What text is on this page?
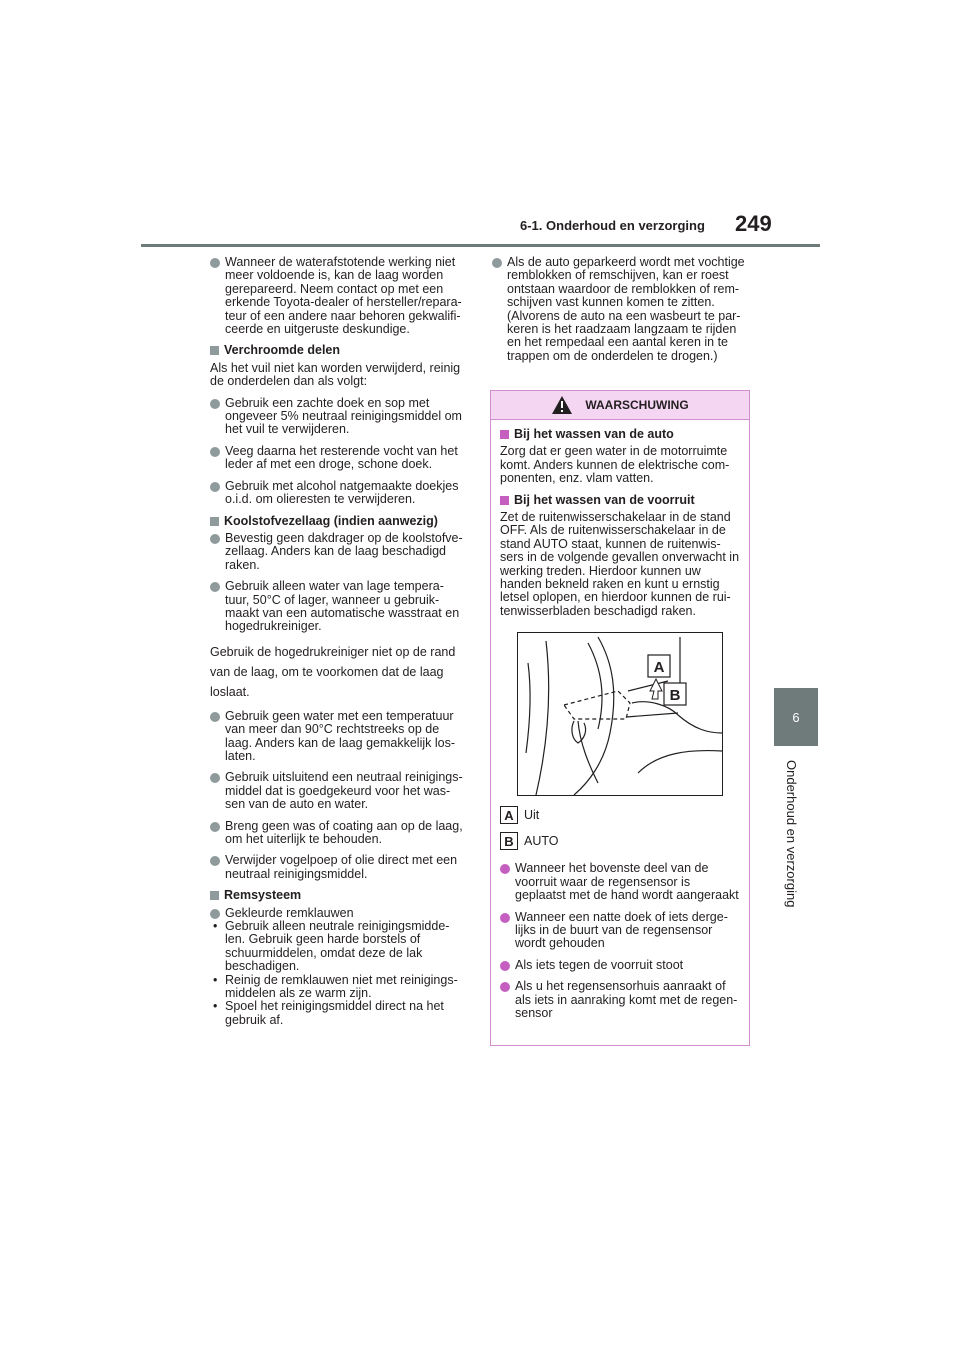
6-1. Onderhoud en verzorging 249
6
Onderhoud en verzorging
Wanneer de waterafstotende werking niet meer voldoende is, kan de laag worden gerepareerd. Neem contact op met een erkende Toyota-dealer of hersteller/repara-teur of een andere naar behoren gekwalifi-ceerde en uitgeruste deskundige.
Verchroomde delen
Als het vuil niet kan worden verwijderd, reinig de onderdelen dan als volgt:
Gebruik een zachte doek en sop met ongeveer 5% neutraal reinigingsmiddel om het vuil te verwijderen.
Veeg daarna het resterende vocht van het leder af met een droge, schone doek.
Gebruik met alcohol natgemaakte doekjes o.i.d. om olieresten te verwijderen.
Koolstofvezellaag (indien aanwezig)
Bevestig geen dakdrager op de koolstofve-zellaag. Anders kan de laag beschadigd raken.
Gebruik alleen water van lage tempera-tuur, 50°C of lager, wanneer u gebruik-maakt van een automatische wasstraat en hogedrukreiniger.
Gebruik de hogedrukreiniger niet op de rand van de laag, om te voorkomen dat de laag loslaat.
Gebruik geen water met een temperatuur van meer dan 90°C rechtstreeks op de laag. Anders kan de laag gemakkelijk los-laten.
Gebruik uitsluitend een neutraal reinigings-middel dat is goedgekeurd voor het was-sen van de auto en water.
Breng geen was of coating aan op de laag, om het uiterlijk te behouden.
Verwijder vogelpoep of olie direct met een neutraal reinigingsmiddel.
Remsysteem
Gekleurde remklauwen
• Gebruik alleen neutrale reinigingsmidde-len. Gebruik geen harde borstels of schuurmiddelen, omdat deze de lak beschadigen.
• Reinig de remklauwen niet met reinigings-middelen als ze warm zijn.
• Spoel het reinigingsmiddel direct na het gebruik af.
Als de auto geparkeerd wordt met vochtige remblokken of remschijven, kan er roest ontstaan waardoor de remblokken of rem-schijven vast kunnen komen te zitten. (Alvorens de auto na een wasbeurt te par-keren is het raadzaam langzaam te rijden en het rempedaal een aantal keren in te trappen om de onderdelen te drogen.)
WAARSCHUWING
Bij het wassen van de auto
Zorg dat er geen water in de motorruimte komt. Anders kunnen de elektrische com-ponenten, enz. vlam vatten.
Bij het wassen van de voorruit
Zet de ruitenwisserschakelaar in de stand OFF. Als de ruitenwisserschakelaar in de stand AUTO staat, kunnen de ruitenwis-sers in de volgende gevallen onverwacht in werking treden. Hierdoor kunnen uw handen bekneld raken en kunt u ernstig letsel oplopen, en hierdoor kunnen de rui-tenwisserbladen beschadigd raken.
A
B
A Uit
B AUTO
Wanneer het bovenste deel van de voorruit waar de regensensor is geplaatst met de hand wordt aangeraakt
Wanneer een natte doek of iets derge-lijks in de buurt van de regensensor wordt gehouden
Als iets tegen de voorruit stoot
Als u het regensensorhuis aanraakt of als iets in aanraking komt met de regen-sensor
